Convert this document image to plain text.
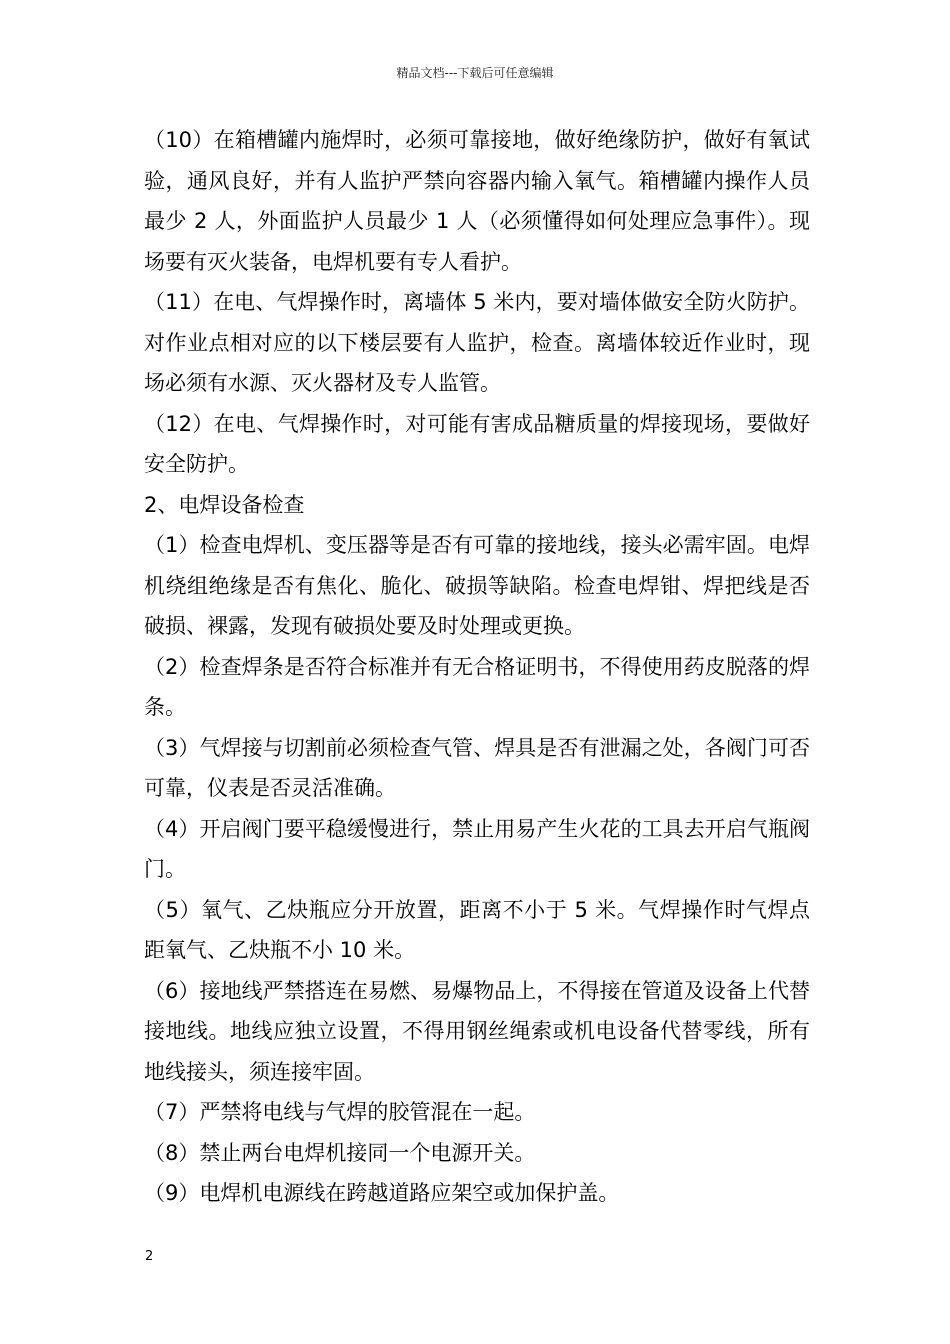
精品文档---下载后可任意编辑

（10）在箱槽罐内施焊时，必须可靠接地，做好绝缘防护，做好有氧试验，通风良好，并有人监护严禁向容器内输入氧气。箱槽罐内操作人员最少 2 人，外面监护人员最少 1 人（必须懂得如何处理应急事件）。现场要有灭火装备，电焊机要有专人看护。

（11）在电、气焊操作时，离墙体 5 米内，要对墙体做安全防火防护。对作业点相对应的以下楼层要有人监护，检查。离墙体较近作业时，现场必须有水源、灭火器材及专人监管。

（12）在电、气焊操作时，对可能有害成品糖质量的焊接现场，要做好安全防护。

2、电焊设备检查

（1）检查电焊机、变压器等是否有可靠的接地线，接头必需牢固。电焊机绕组绝缘是否有焦化、脆化、破损等缺陷。检查电焊钳、焊把线是否破损、裸露，发现有破损处要及时处理或更换。

（2）检查焊条是否符合标准并有无合格证明书，不得使用药皮脱落的焊条。

（3）气焊接与切割前必须检查气管、焊具是否有泄漏之处，各阀门可否可靠，仪表是否灵活准确。

（4）开启阀门要平稳缓慢进行，禁止用易产生火花的工具去开启气瓶阀门。

（5）氧气、乙炔瓶应分开放置，距离不小于 5 米。气焊操作时气焊点距氧气、乙炔瓶不小 10 米。

（6）接地线严禁搭连在易燃、易爆物品上，不得接在管道及设备上代替接地线。地线应独立设置，不得用钢丝绳索或机电设备代替零线，所有地线接头，须连接牢固。

（7）严禁将电线与气焊的胶管混在一起。

（8）禁止两台电焊机接同一个电源开关。

（9）电焊机电源线在跨越道路应架空或加保护盖。

2
